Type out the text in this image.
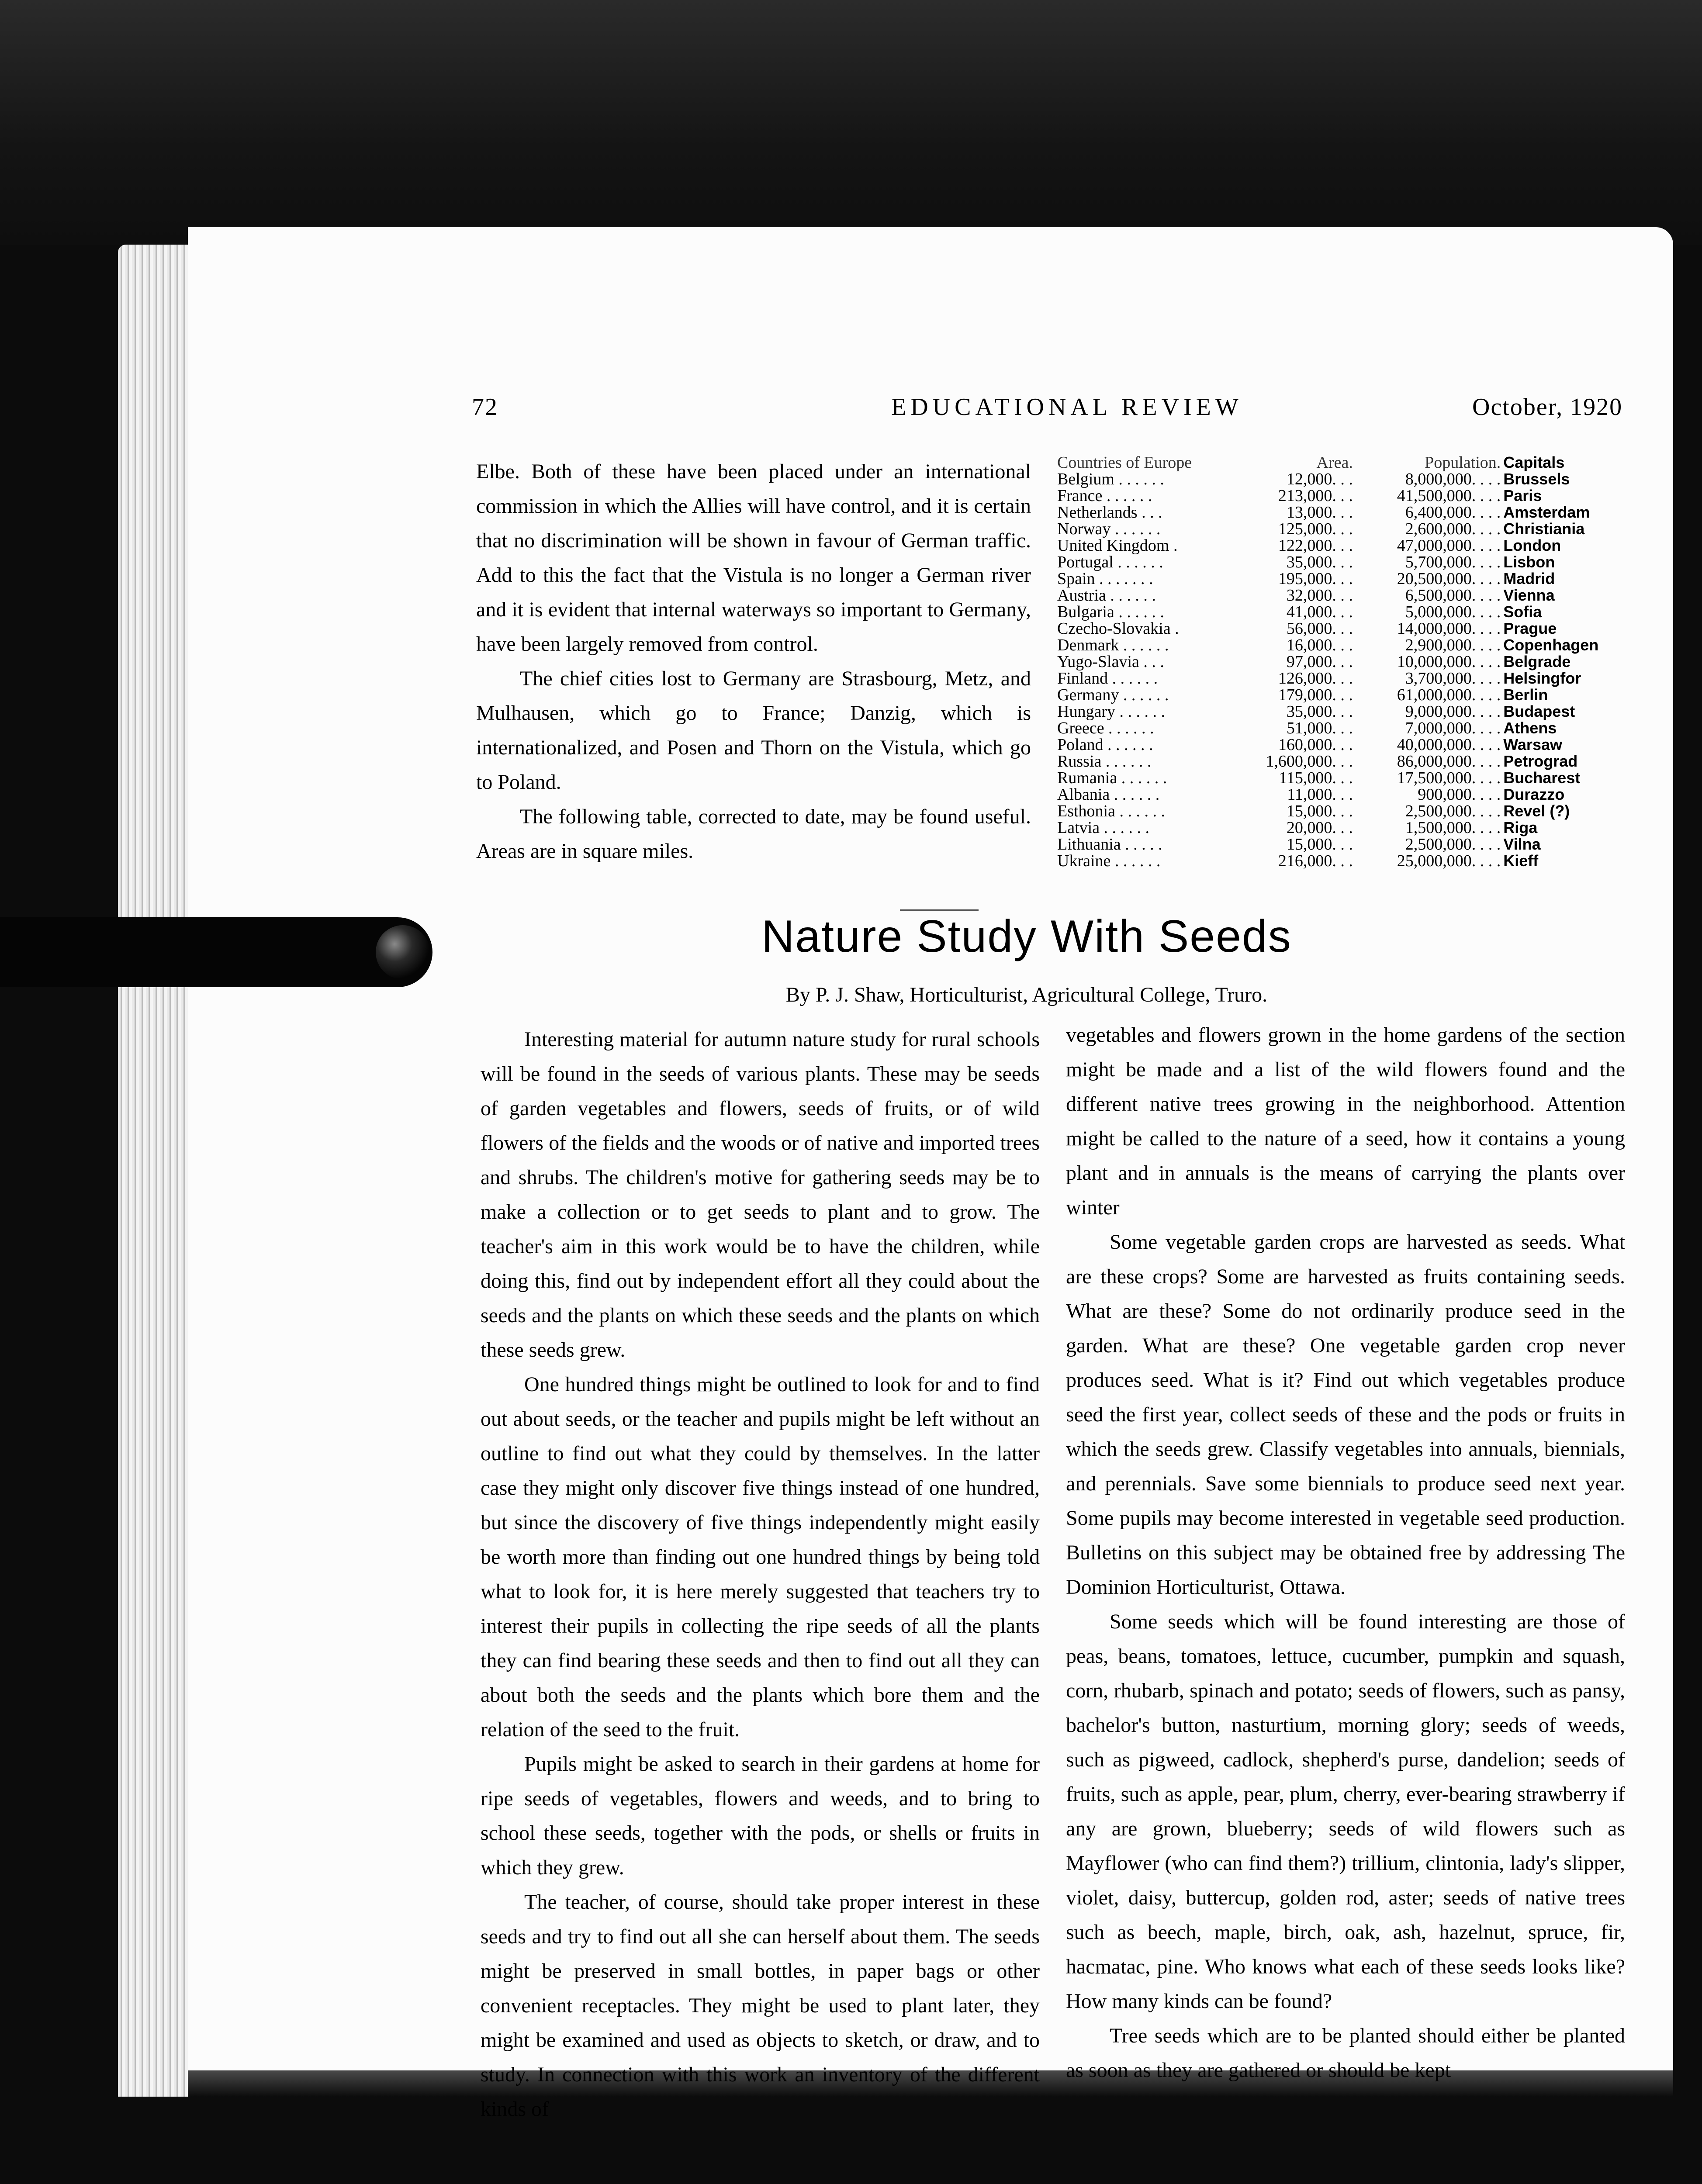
72	EDUCATIONAL REVIEW	October, 1920

Elbe. Both of these have been placed under an international commission in which the Allies will have control, and it is certain that no discrimination will be shown in favour of German traffic. Add to this the fact that the Vistula is no longer a German river and it is evident that internal waterways so important to Germany, have been largely removed from control.

The chief cities lost to Germany are Strasbourg, Metz, and Mulhausen, which go to France; Danzig, which is internationalized, and Posen and Thorn on the Vistula, which go to Poland.

The following table, corrected to date, may be found useful. Areas are in square miles.

Countries of Europe	Area.	Population. Capitals
Belgium . . . . . .	12,000. . .	8,000,000. . . . Brussels
France . . . . . .	213,000. . .	41,500,000. . . . Paris
Netherlands . . .	13,000. . .	6,400,000. . . . Amsterdam
Norway . . . . . .	125,000. . .	2,600,000. . . . Christiania
United Kingdom .	122,000. . .	47,000,000. . . . London
Portugal . . . . . .	35,000. . .	5,700,000. . . . Lisbon
Spain . . . . . . .	195,000. . .	20,500,000. . . . Madrid
Austria . . . . . .	32,000. . .	6,500,000. . . . Vienna
Bulgaria . . . . . .	41,000. . .	5,000,000. . . . Sofia
Czecho-Slovakia .	56,000. . .	14,000,000. . . . Prague
Denmark . . . . . .	16,000. . .	2,900,000. . . . Copenhagen
Yugo-Slavia . . .	97,000. . .	10,000,000. . . . Belgrade
Finland . . . . . .	126,000. . .	3,700,000. . . . Helsingfor
Germany . . . . . .	179,000. . .	61,000,000. . . . Berlin
Hungary . . . . . .	35,000. . .	9,000,000. . . . Budapest
Greece . . . . . .	51,000. . .	7,000,000. . . . Athens
Poland . . . . . .	160,000. . .	40,000,000. . . . Warsaw
Russia . . . . . .	1,600,000. . .	86,000,000. . . . Petrograd
Rumania . . . . . .	115,000. . .	17,500,000. . . . Bucharest
Albania . . . . . .	11,000. . .	900,000. . . . Durazzo
Esthonia . . . . . .	15,000. . .	2,500,000. . . . Revel (?)
Latvia . . . . . .	20,000. . .	1,500,000. . . . Riga
Lithuania . . . . .	15,000. . .	2,500,000. . . . Vilna
Ukraine . . . . . .	216,000. . .	25,000,000. . . . Kieff
Nature Study With Seeds
By P. J. Shaw, Horticulturist, Agricultural College, Truro.

Interesting material for autumn nature study for rural schools will be found in the seeds of various plants. These may be seeds of garden vegetables and flowers, seeds of fruits, or of wild flowers of the fields and the woods or of native and imported trees and shrubs. The children's motive for gathering seeds may be to make a collection or to get seeds to plant and to grow. The teacher's aim in this work would be to have the children, while doing this, find out by independent effort all they could about the seeds and the plants on which these seeds and the plants on which these seeds grew.

One hundred things might be outlined to look for and to find out about seeds, or the teacher and pupils might be left without an outline to find out what they could by themselves. In the latter case they might only discover five things instead of one hundred, but since the discovery of five things independently might easily be worth more than finding out one hundred things by being told what to look for, it is here merely suggested that teachers try to interest their pupils in collecting the ripe seeds of all the plants they can find bearing these seeds and then to find out all they can about both the seeds and the plants which bore them and the relation of the seed to the fruit.

Pupils might be asked to search in their gardens at home for ripe seeds of vegetables, flowers and weeds, and to bring to school these seeds, together with the pods, or shells or fruits in which they grew.

The teacher, of course, should take proper interest in these seeds and try to find out all she can herself about them. The seeds might be preserved in small bottles, in paper bags or other convenient receptacles. They might be used to plant later, they might be examined and used as objects to sketch, or draw, and to study. In connection with this work an inventory of the different kinds of

vegetables and flowers grown in the home gardens of the section might be made and a list of the wild flowers found and the different native trees growing in the neighborhood. Attention might be called to the nature of a seed, how it contains a young plant and in annuals is the means of carrying the plants over winter

Some vegetable garden crops are harvested as seeds. What are these crops? Some are harvested as fruits containing seeds. What are these? Some do not ordinarily produce seed in the garden. What are these? One vegetable garden crop never produces seed. What is it? Find out which vegetables produce seed the first year, collect seeds of these and the pods or fruits in which the seeds grew. Classify vegetables into annuals, biennials, and perennials. Save some biennials to produce seed next year. Some pupils may become interested in vegetable seed production. Bulletins on this subject may be obtained free by addressing The Dominion Horticulturist, Ottawa.

Some seeds which will be found interesting are those of peas, beans, tomatoes, lettuce, cucumber, pumpkin and squash, corn, rhubarb, spinach and potato; seeds of flowers, such as pansy, bachelor's button, nasturtium, morning glory; seeds of weeds, such as pigweed, cadlock, shepherd's purse, dandelion; seeds of fruits, such as apple, pear, plum, cherry, ever-bearing strawberry if any are grown, blueberry; seeds of wild flowers such as Mayflower (who can find them?) trillium, clintonia, lady's slipper, violet, daisy, buttercup, golden rod, aster; seeds of native trees such as beech, maple, birch, oak, ash, hazelnut, spruce, fir, hacmatac, pine. Who knows what each of these seeds looks like? How many kinds can be found?

Tree seeds which are to be planted should either be planted as soon as they are gathered or should be kept
